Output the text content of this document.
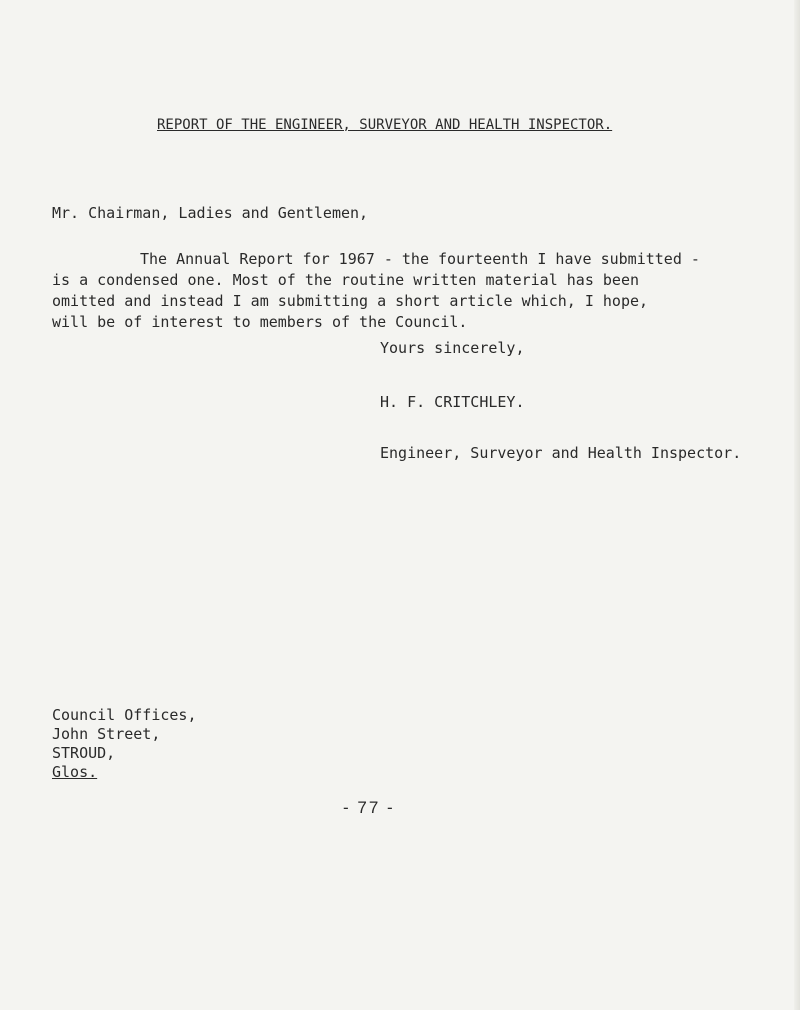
REPORT OF THE ENGINEER, SURVEYOR AND HEALTH INSPECTOR.
Mr. Chairman, Ladies and Gentlemen,
The Annual Report for 1967 - the fourteenth I have submitted -
is a condensed one. Most of the routine written material has been
omitted and instead I am submitting a short article which, I hope,
will be of interest to members of the Council.
Yours sincerely,
H. F. CRITCHLEY.
Engineer, Surveyor and Health Inspector.
Council Offices,
John Street,
STROUD,
Glos.
- 77 -
